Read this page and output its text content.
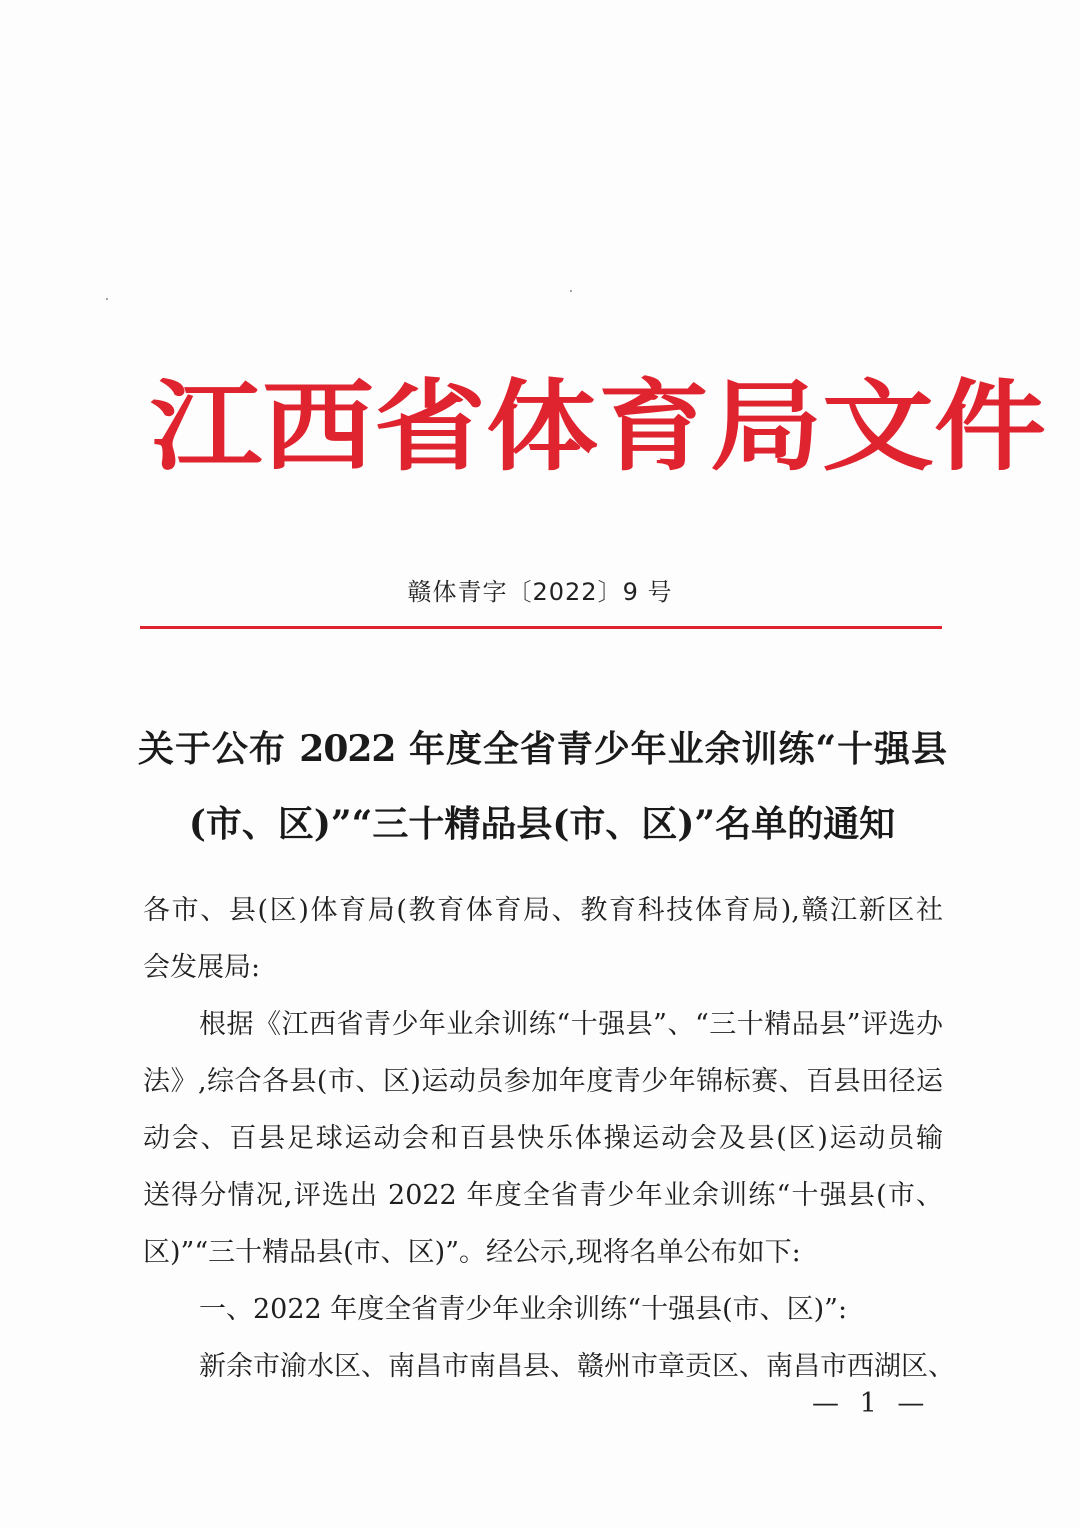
江 西 省 体 育 局 文 件
赣体青字〔2022〕9 号
关于公布 2022 年度全省青少年业余训练“十强县
(市、区)”“三十精品县(市、区)”名单的通知

各市、县(区)体育局(教育体育局、教育科技体育局),赣江新区社

会发展局:

根据《江西省青少年业余训练“十强县”、“三十精品县”评选办

法》,综合各县(市、区)运动员参加年度青少年锦标赛、百县田径运

动会、百县足球运动会和百县快乐体操运动会及县(区)运动员输

送得分情况,评选出 2022 年度全省青少年业余训练“十强县(市、

区)”“三十精品县(市、区)”。经公示,现将名单公布如下:

一、2022 年度全省青少年业余训练“十强县(市、区)”:

新余市渝水区、南昌市南昌县、赣州市章贡区、南昌市西湖区、

— 1 —
